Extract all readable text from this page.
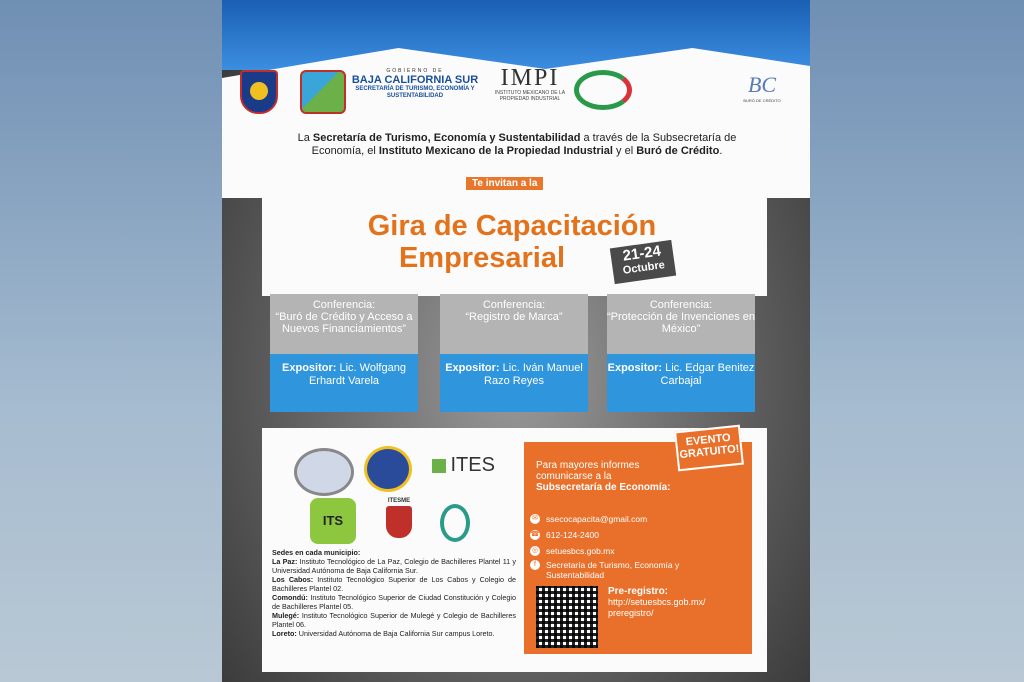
GOBIERNO DE
BAJA CALIFORNIA SUR
SECRETARÍA DE TURISMO, ECONOMÍA Y SUSTENTABILIDAD
IMPI
INSTITUTO MEXICANO DE LA PROPIEDAD INDUSTRIAL
BC
BURÓ DE CRÉDITO
La Secretaría de Turismo, Economía y Sustentabilidad a través de la Subsecretaría de Economía, el Instituto Mexicano de la Propiedad Industrial y el Buró de Crédito.
Te invitan a la
Gira de Capacitación
Empresarial	21-24
Octubre
Conferencia:
“Buró de Crédito y Acceso a Nuevos Financiamientos”
Expositor: Lic. Wolfgang Erhardt Varela
Conferencia:
“Registro de Marca”
Expositor: Lic. Iván Manuel Razo Reyes
Conferencia:
“Protección de Invenciones en México”
Expositor: Lic. Edgar Benitez Carbajal
ITES
ITS
ITESME
Sedes en cada municipio:
La Paz: Instituto Tecnológico de La Paz, Colegio de Bachilleres Plantel 11 y Universidad Autónoma de Baja California Sur.
Los Cabos: Instituto Tecnológico Superior de Los Cabos y Colegio de Bachilleres Plantel 02.
Comondú: Instituto Tecnológico Superior de Ciudad Constitución y Colegio de Bachilleres Plantel 05.
Mulegé: Instituto Tecnológico Superior de Mulegé y Colegio de Bachilleres Plantel 06.
Loreto: Universidad Autónoma de Baja California Sur campus Loreto.
EVENTO GRATUITO!
Para mayores informes
comunicarse a la
Subsecretaría de Economía:
✉ ssecocapacita@gmail.com
☎ 612-124-2400
◎ setuesbcs.gob.mx
f	Secretaría de Turismo, Economía y Sustentabilidad
Pre-registro:
http://setuesbcs.gob.mx/ preregistro/
